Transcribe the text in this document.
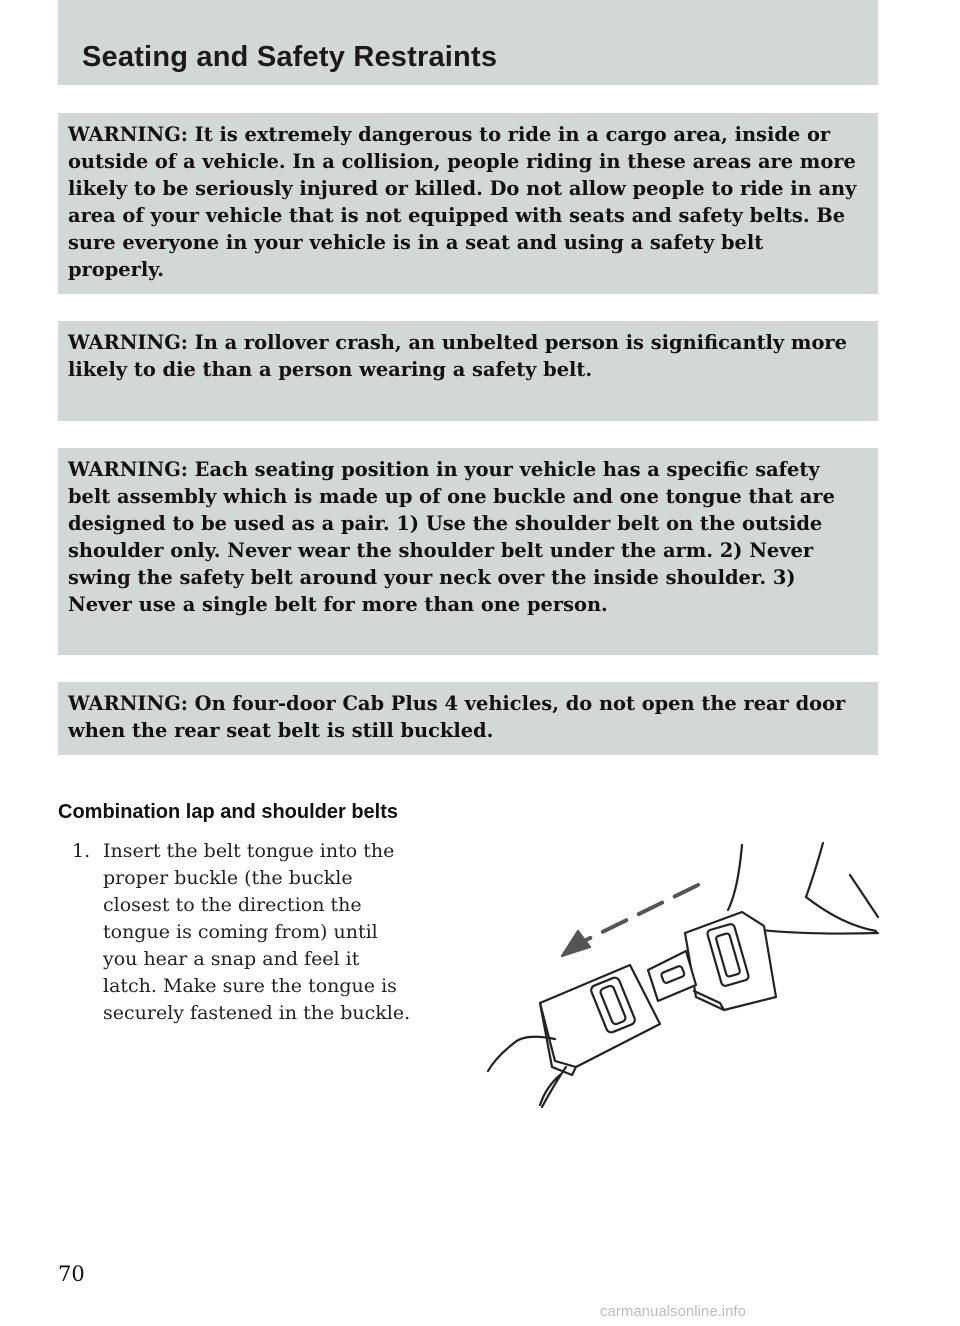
Seating and Safety Restraints
WARNING: It is extremely dangerous to ride in a cargo area, inside or outside of a vehicle. In a collision, people riding in these areas are more likely to be seriously injured or killed. Do not allow people to ride in any area of your vehicle that is not equipped with seats and safety belts. Be sure everyone in your vehicle is in a seat and using a safety belt properly.
WARNING: In a rollover crash, an unbelted person is significantly more likely to die than a person wearing a safety belt.
WARNING: Each seating position in your vehicle has a specific safety belt assembly which is made up of one buckle and one tongue that are designed to be used as a pair. 1) Use the shoulder belt on the outside shoulder only. Never wear the shoulder belt under the arm. 2) Never swing the safety belt around your neck over the inside shoulder. 3) Never use a single belt for more than one person.
WARNING: On four-door Cab Plus 4 vehicles, do not open the rear door when the rear seat belt is still buckled.
Combination lap and shoulder belts
1. Insert the belt tongue into the
proper buckle (the buckle
closest to the direction the
tongue is coming from) until
you hear a snap and feel it
latch. Make sure the tongue is
securely fastened in the buckle.
70
carmanualsonline.info
